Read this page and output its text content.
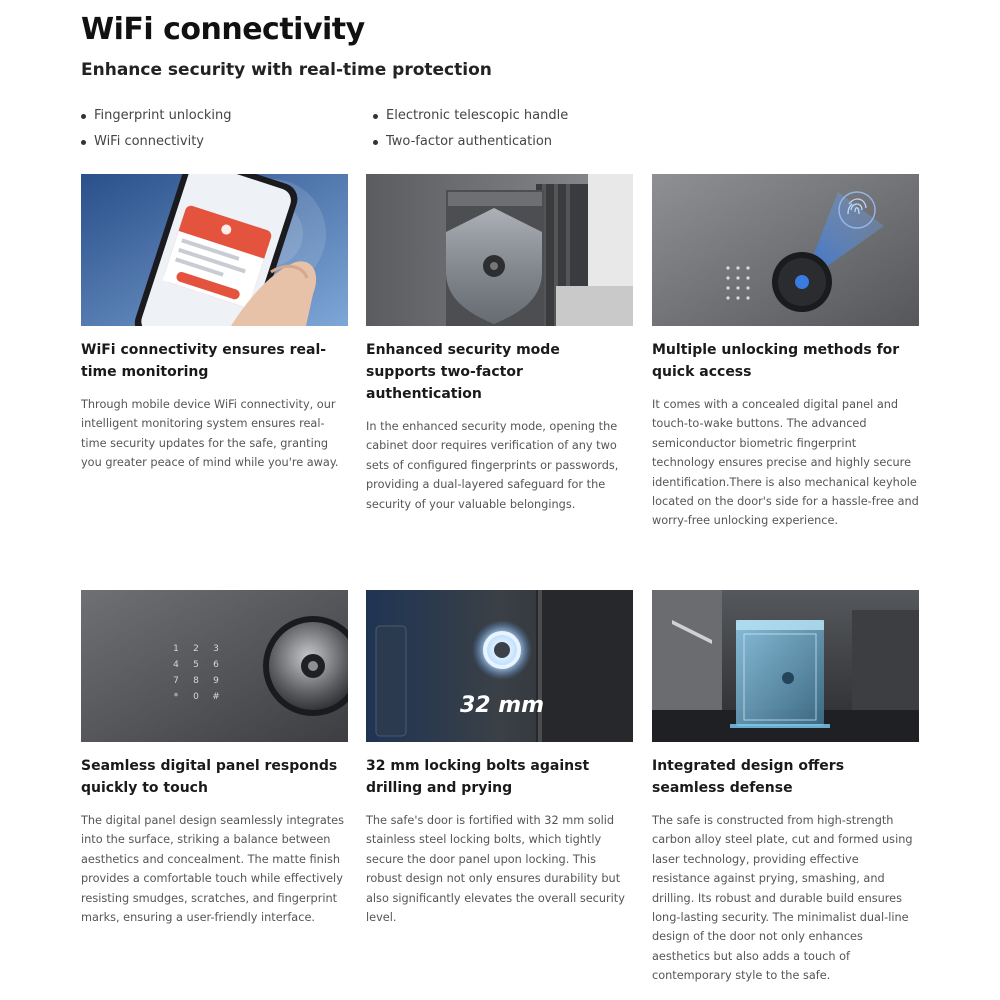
WiFi connectivity
Enhance security with real-time protection
Fingerprint unlocking	Electronic telescopic handle
WiFi connectivity	Two-factor authentication
WiFi connectivity ensures real-time monitoring

Through mobile device WiFi connectivity, our intelligent monitoring system ensures real-time security updates for the safe, granting you greater peace of mind while you're away.

Enhanced security mode supports two-factor authentication

In the enhanced security mode, opening the cabinet door requires verification of any two sets of configured fingerprints or passwords, providing a dual-layered safeguard for the security of your valuable belongings.

Multiple unlocking methods for quick access

It comes with a concealed digital panel and touch-to-wake buttons. The advanced semiconductor biometric fingerprint technology ensures precise and highly secure identification.There is also mechanical keyhole located on the door's side for a hassle-free and worry-free unlocking experience.

1 2 3
4 5 6
7 8 9
* 0 #
Seamless digital panel responds quickly to touch

The digital panel design seamlessly integrates into the surface, striking a balance between aesthetics and concealment. The matte finish provides a comfortable touch while effectively resisting smudges, scratches, and fingerprint marks, ensuring a user-friendly interface.

32 mm
32 mm locking bolts against drilling and prying

The safe's door is fortified with 32 mm solid stainless steel locking bolts, which tightly secure the door panel upon locking. This robust design not only ensures durability but also significantly elevates the overall security level.

Integrated design offers seamless defense

The safe is constructed from high-strength carbon alloy steel plate, cut and formed using laser technology, providing effective resistance against prying, smashing, and drilling. Its robust and durable build ensures long-lasting security. The minimalist dual-line design of the door not only enhances aesthetics but also adds a touch of contemporary style to the safe.
